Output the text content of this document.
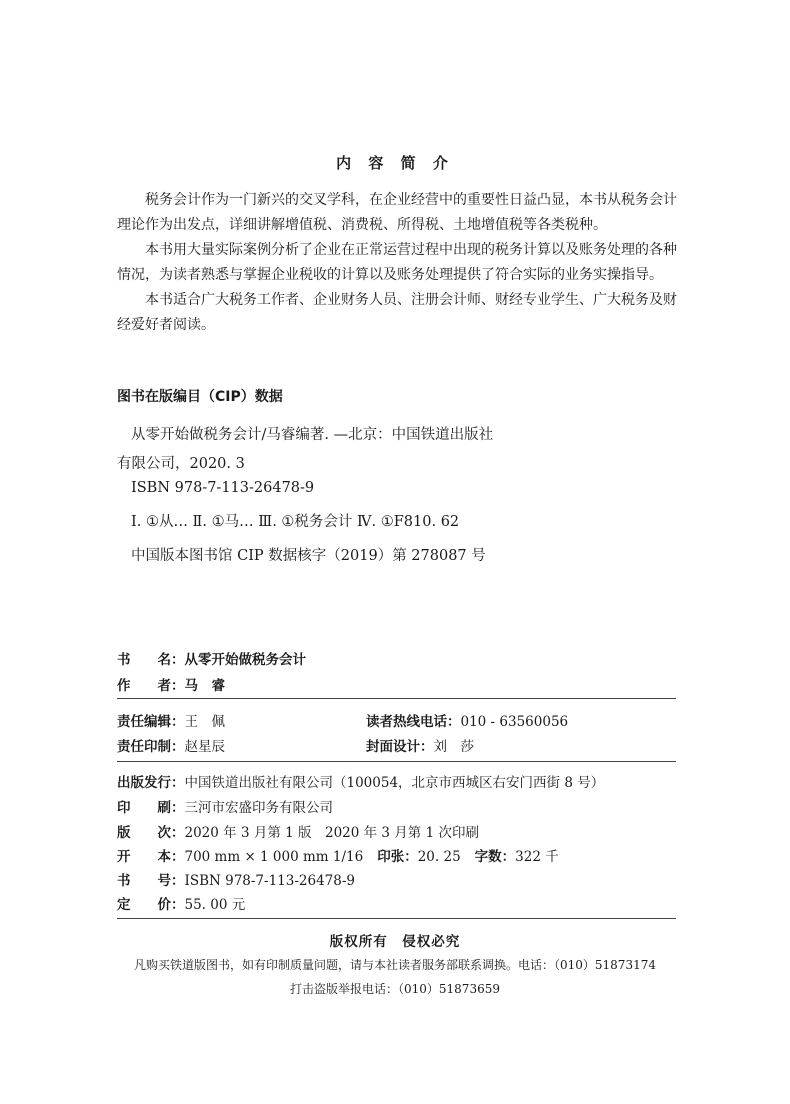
内 容 简 介

税务会计作为一门新兴的交叉学科，在企业经营中的重要性日益凸显，本书从税务会计理论作为出发点，详细讲解增值税、消费税、所得税、土地增值税等各类税种。

本书用大量实际案例分析了企业在正常运营过程中出现的税务计算以及账务处理的各种情况，为读者熟悉与掌握企业税收的计算以及账务处理提供了符合实际的业务实操指导。

本书适合广大税务工作者、企业财务人员、注册会计师、财经专业学生、广大税务及财经爱好者阅读。

图书在版编目（CIP）数据
从零开始做税务会计/马睿编著. —北京：中国铁道出版社
有限公司，2020. 3
ISBN 978-7-113-26478-9
Ⅰ. ①从… Ⅱ. ①马… Ⅲ. ①税务会计 Ⅳ. ①F810. 62
中国版本图书馆 CIP 数据核字（2019）第 278087 号
书　　名： 从零开始做税务会计
作　　者： 马　睿
责任编辑： 王　佩	读者热线电话： 010 - 63560056
责任印制： 赵星辰	封面设计： 刘　莎
出版发行： 中国铁道出版社有限公司（100054，北京市西城区右安门西街 8 号）
印　　刷： 三河市宏盛印务有限公司
版　　次： 2020 年 3 月第 1 版　2020 年 3 月第 1 次印刷
开　　本： 700 mm × 1 000 mm 1/16 印张： 20. 25 字数： 322 千
书　　号： ISBN 978-7-113-26478-9
定　　价： 55. 00 元
版权所有　侵权必究
凡购买铁道版图书，如有印制质量问题，请与本社读者服务部联系调换。电话：（010）51873174
打击盗版举报电话：（010）51873659
